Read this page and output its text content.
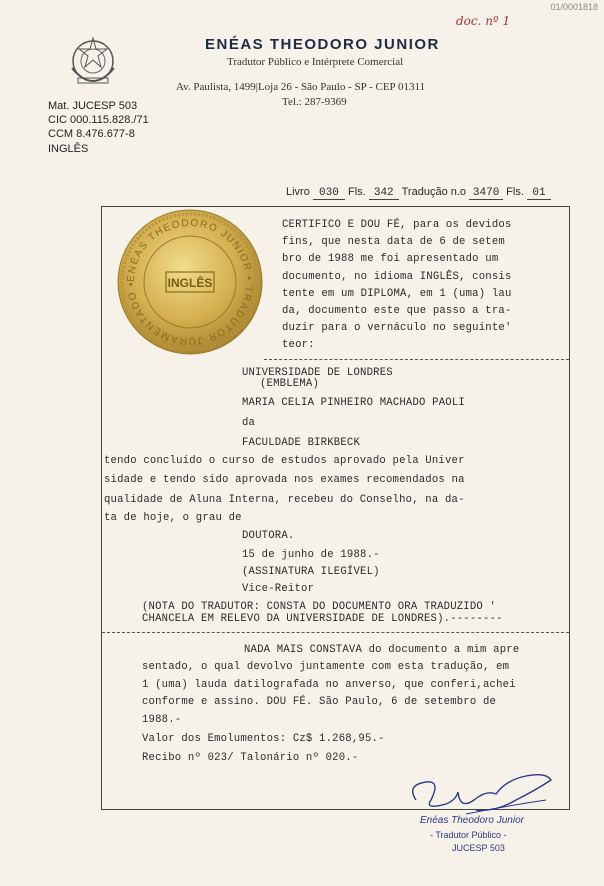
01/0001818
doc. nº 1
ENÉAS THEODORO JUNIOR
Tradutor Público e Intérprete Comercial
Av. Paulista, 1499|Loja 26 - São Paulo - SP - CEP 01311
Tel.: 287-9369
Mat. JUCESP 503
CIC 000.115.828./71
CCM 8.476.677-8
INGLÊS
Livro 030 Fls. 342 Tradução n.o 3470 Fls. 01
ENÉAS THEODORO JUNIOR • TRADUTOR JURAMENTADO •	INGLÊS
CERTIFICO E DOU FÉ, para os devidos
fins, que nesta data de 6 de setem
bro de 1988 me foi apresentado um
documento, no idioma INGLÊS, consis
tente em um DIPLOMA, em 1 (uma) lau
da, documento este que passo a tra-
duzir para o vernáculo no seguinte'
teor:
UNIVERSIDADE DE LONDRES
(EMBLEMA)
MARIA CELIA PINHEIRO MACHADO PAOLI
da
FACULDADE BIRKBECK
tendo concluído o curso de estudos aprovado pela Univer
sidade e tendo sido aprovada nos exames recomendados na
qualidade de Aluna Interna, recebeu do Conselho, na da-
ta de hoje, o grau de
DOUTORA.
15 de junho de 1988.-
(ASSINATURA ILEGÍVEL)
Vice-Reitor
(NOTA DO TRADUTOR: CONSTA DO DOCUMENTO ORA TRADUZIDO '
CHANCELA EM RELEVO DA UNIVERSIDADE DE LONDRES).--------
NADA MAIS CONSTAVA do documento a mim apre
sentado, o qual devolvo juntamente com esta tradução, em
1 (uma) lauda datilografada no anverso, que conferi,achei
conforme e assino. DOU FÉ. São Paulo, 6 de setembro de
1988.-
Valor dos Emolumentos: Cz$ 1.268,95.-
Recibo nº 023/ Talonário nº 020.-
Enéas Theodoro Junior
- Tradutor Público -
JUCESP 503
